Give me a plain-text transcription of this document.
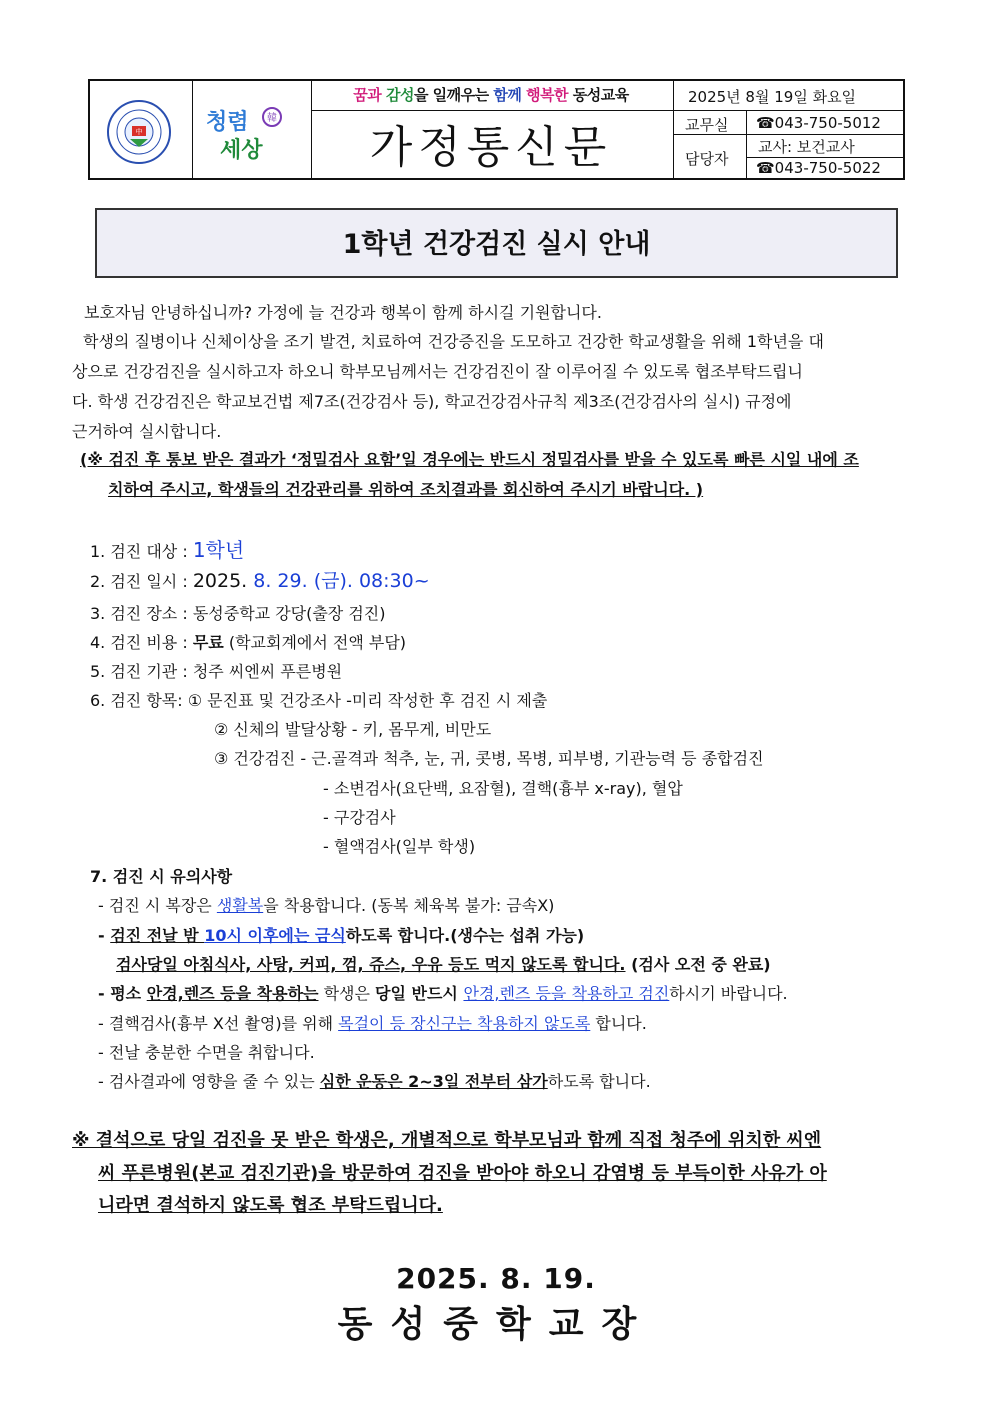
中	청렴
세상
韓
꿈과 감성을 일깨우는 함께 행복한 동성교육
가정통신문
2025년 8월 19일 화요일
교무실 ☎043-750-5012
담당자
교사: 보건교사
☎043-750-5022
1학년 건강검진 실시 안내
보호자님 안녕하십니까? 가정에 늘 건강과 행복이 함께 하시길 기원합니다.
학생의 질병이나 신체이상을 조기 발견, 치료하여 건강증진을 도모하고 건강한 학교생활을 위해 1학년을 대
상으로 건강검진을 실시하고자 하오니 학부모님께서는 건강검진이 잘 이루어질 수 있도록 협조부탁드립니
다. 학생 건강검진은 학교보건법 제7조(건강검사 등), 학교건강검사규칙 제3조(건강검사의 실시) 규정에
근거하여 실시합니다.
(※ 검진 후 통보 받은 결과가 ‘정밀검사 요함’일 경우에는 반드시 정밀검사를 받을 수 있도록 빠른 시일 내에 조
치하여 주시고, 학생들의 건강관리를 위하여 조치결과를 회신하여 주시기 바랍니다. )
1. 검진 대상 : 1학년
2. 검진 일시 : 2025. 8. 29. (금). 08:30~
3. 검진 장소 : 동성중학교 강당(출장 검진)
4. 검진 비용 : 무료 (학교회계에서 전액 부담)
5. 검진 기관 : 청주 씨엔씨 푸른병원
6. 검진 항목: ① 문진표 및 건강조사 -미리 작성한 후 검진 시 제출
② 신체의 발달상황 - 키, 몸무게, 비만도
③ 건강검진 - 근.골격과 척추, 눈, 귀, 콧병, 목병, 피부병, 기관능력 등 종합검진
- 소변검사(요단백, 요잠혈), 결핵(흉부 x-ray), 혈압
- 구강검사
- 혈액검사(일부 학생)
7. 검진 시 유의사항
- 검진 시 복장은 생활복을 착용합니다. (동복 체육복 불가: 금속X)
- 검진 전날 밤 10시 이후에는 금식하도록 합니다.(생수는 섭취 가능)
검사당일 아침식사, 사탕, 커피, 껌, 쥬스, 우유 등도 먹지 않도록 합니다. (검사 오전 중 완료)
- 평소 안경,렌즈 등을 착용하는 학생은 당일 반드시 안경,렌즈 등을 착용하고 검진하시기 바랍니다.
- 결핵검사(흉부 X선 촬영)를 위해 목걸이 등 장신구는 착용하지 않도록 합니다.
- 전날 충분한 수면을 취합니다.
- 검사결과에 영향을 줄 수 있는 심한 운동은 2~3일 전부터 삼가하도록 합니다.
※ 결석으로 당일 검진을 못 받은 학생은, 개별적으로 학부모님과 함께 직접 청주에 위치한 씨엔
씨 푸른병원(본교 검진기관)을 방문하여 검진을 받아야 하오니 감염병 등 부득이한 사유가 아
니라면 결석하지 않도록 협조 부탁드립니다.
2025. 8. 19.
동성중학교장
